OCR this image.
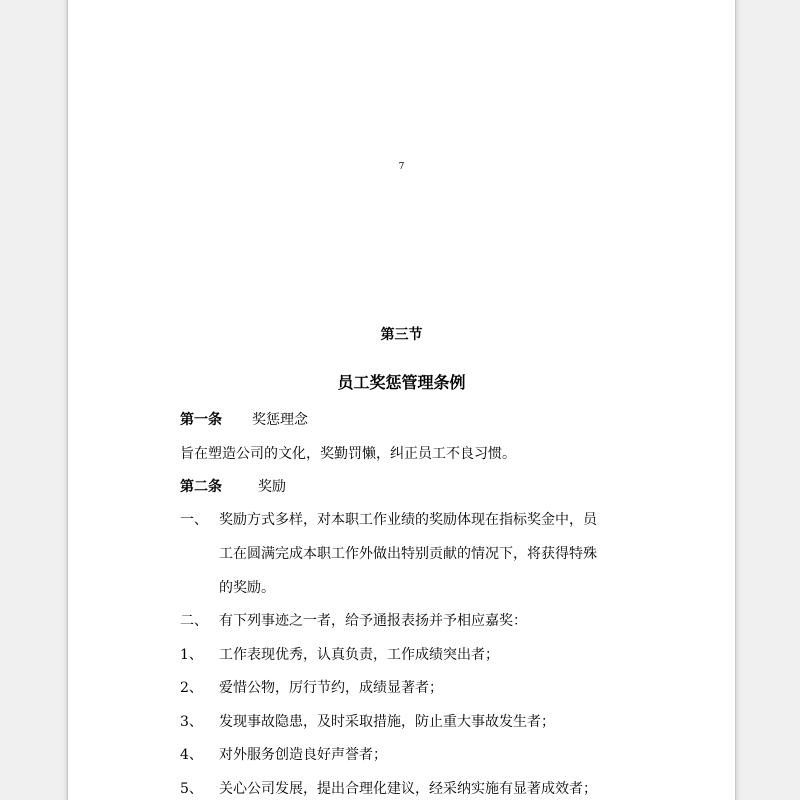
7
第三节
员工奖惩管理条例
第一条 奖惩理念
旨在塑造公司的文化，奖勤罚懒，纠正员工不良习惯。
第二条	奖励
一、 奖励方式多样，对本职工作业绩的奖励体现在指标奖金中，员
工在圆满完成本职工作外做出特别贡献的情况下，将获得特殊
的奖励。
二、 有下列事迹之一者，给予通报表扬并予相应嘉奖：
1、 工作表现优秀，认真负责，工作成绩突出者；
2、 爱惜公物，厉行节约，成绩显著者；
3、 发现事故隐患，及时采取措施，防止重大事故发生者；
4、 对外服务创造良好声誉者；
5、 关心公司发展，提出合理化建议，经采纳实施有显著成效者；
